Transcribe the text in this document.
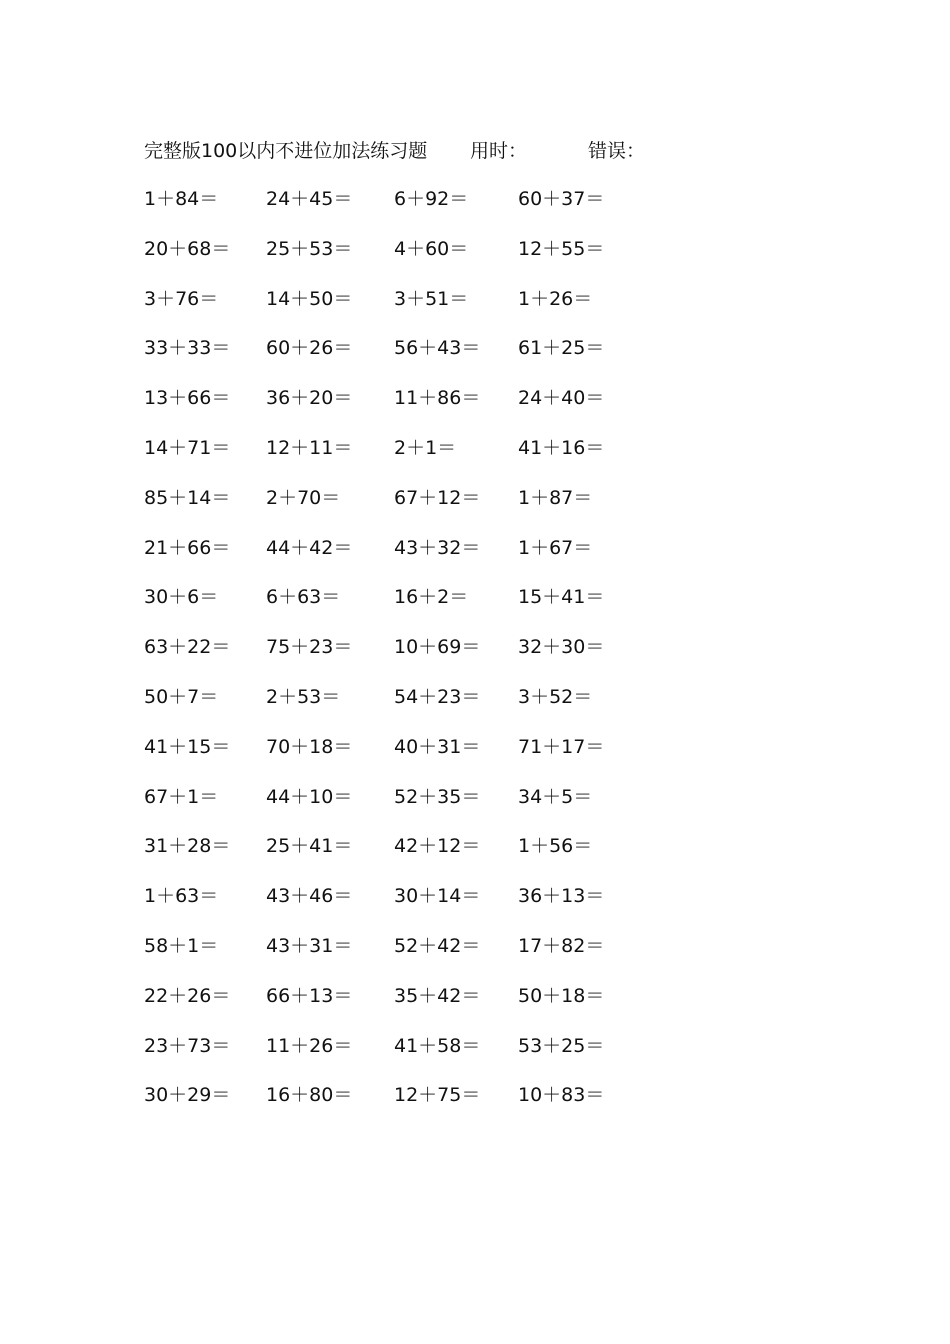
完整版100以内不进位加法练习题 用时：	错误：
1＋84＝	24＋45＝	6＋92＝	60＋37＝
20＋68＝	25＋53＝	4＋60＝	12＋55＝
3＋76＝	14＋50＝	3＋51＝	1＋26＝
33＋33＝	60＋26＝	56＋43＝	61＋25＝
13＋66＝	36＋20＝	11＋86＝	24＋40＝
14＋71＝	12＋11＝	2＋1＝	41＋16＝
85＋14＝	2＋70＝	67＋12＝	1＋87＝
21＋66＝	44＋42＝	43＋32＝	1＋67＝
30＋6＝	6＋63＝	16＋2＝	15＋41＝
63＋22＝	75＋23＝	10＋69＝	32＋30＝
50＋7＝	2＋53＝	54＋23＝	3＋52＝
41＋15＝	70＋18＝	40＋31＝	71＋17＝
67＋1＝	44＋10＝	52＋35＝	34＋5＝
31＋28＝	25＋41＝	42＋12＝	1＋56＝
1＋63＝	43＋46＝	30＋14＝	36＋13＝
58＋1＝	43＋31＝	52＋42＝	17＋82＝
22＋26＝	66＋13＝	35＋42＝	50＋18＝
23＋73＝	11＋26＝	41＋58＝	53＋25＝
30＋29＝	16＋80＝	12＋75＝	10＋83＝
